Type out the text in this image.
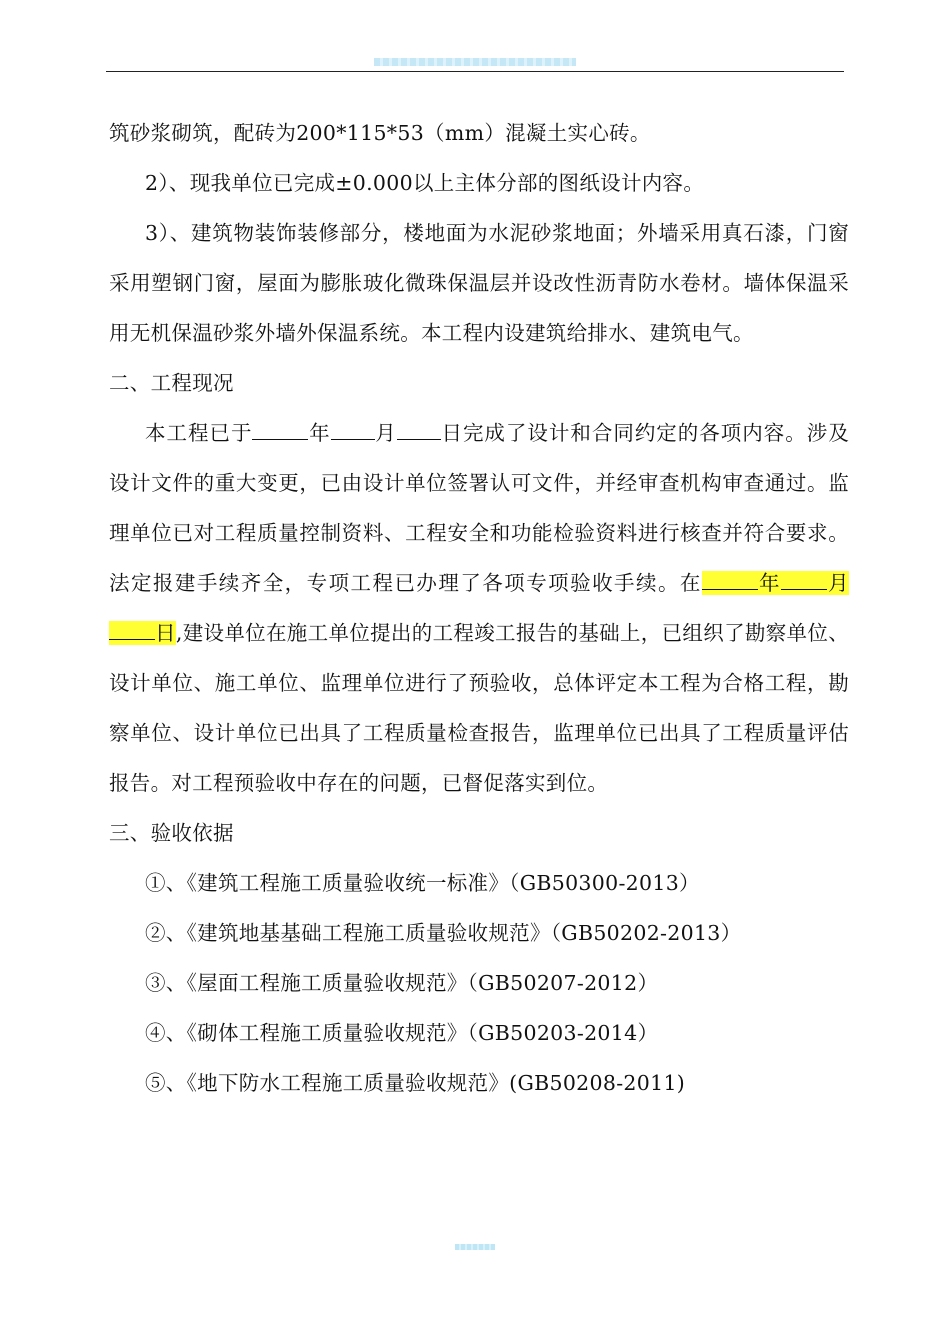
筑砂浆砌筑，配砖为200*115*53（mm）混凝土实心砖。

2）、现我单位已完成±0.000以上主体分部的图纸设计内容。

3）、建筑物装饰装修部分，楼地面为水泥砂浆地面；外墙采用真石漆，门窗采用塑钢门窗，屋面为膨胀玻化微珠保温层并设改性沥青防水卷材。墙体保温采用无机保温砂浆外墙外保温系统。本工程内设建筑给排水、建筑电气。

二、工程现况

本工程已于	年 月 日完成了设计和合同约定的各项内容。涉及设计文件的重大变更，已由设计单位签署认可文件，并经审查机构审查通过。监理单位已对工程质量控制资料、工程安全和功能检验资料进行核查并符合要求。法定报建手续齐全，专项工程已办理了各项专项验收手续。在	年 月日,建设单位在施工单位提出的工程竣工报告的基础上，已组织了勘察单位、设计单位、施工单位、监理单位进行了预验收，总体评定本工程为合格工程，勘察单位、设计单位已出具了工程质量检查报告，监理单位已出具了工程质量评估报告。对工程预验收中存在的问题，已督促落实到位。

三、验收依据

①、《建筑工程施工质量验收统一标准》（GB50300-2013）

②、《建筑地基基础工程施工质量验收规范》（GB50202-2013）

③、《屋面工程施工质量验收规范》（GB50207-2012）

④、《砌体工程施工质量验收规范》（GB50203-2014）

⑤、《地下防水工程施工质量验收规范》(GB50208-2011)
